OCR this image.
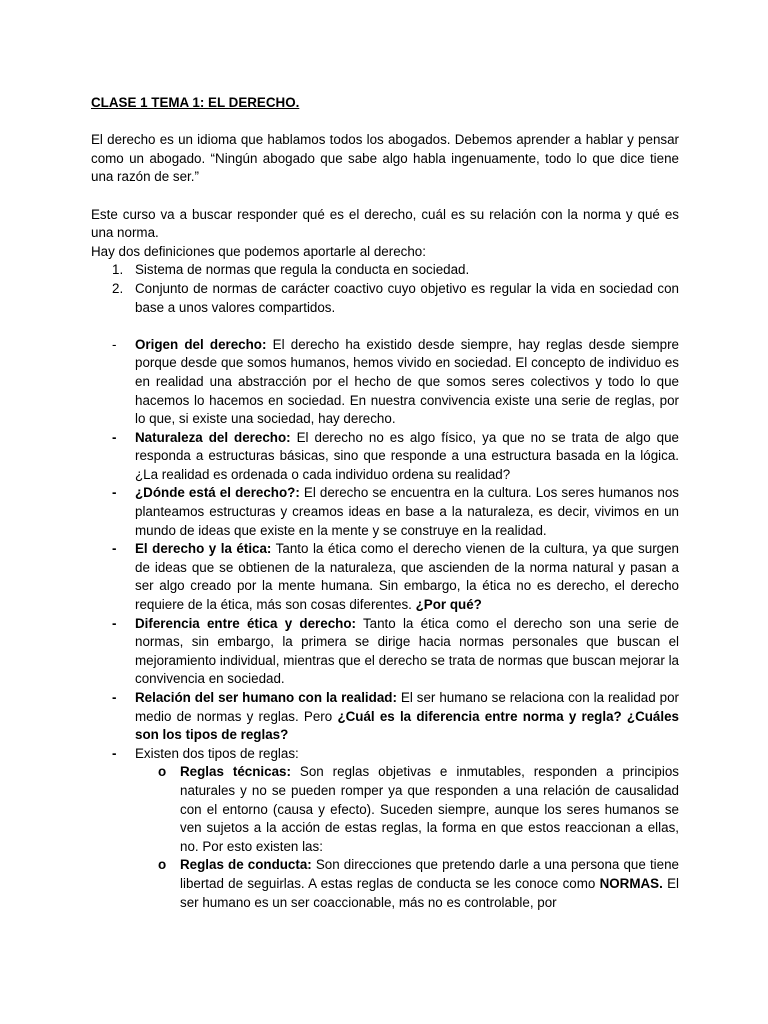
CLASE 1 TEMA 1: EL DERECHO.

El derecho es un idioma que hablamos todos los abogados. Debemos aprender a hablar y pensar como un abogado. “Ningún abogado que sabe algo habla ingenuamente, todo lo que dice tiene una razón de ser.”

Este curso va a buscar responder qué es el derecho, cuál es su relación con la norma y qué es una norma.

Hay dos definiciones que podemos aportarle al derecho:

1. Sistema de normas que regula la conducta en sociedad.
2. Conjunto de normas de carácter coactivo cuyo objetivo es regular la vida en sociedad con base a unos valores compartidos.
- Origen del derecho: El derecho ha existido desde siempre, hay reglas desde siempre porque desde que somos humanos, hemos vivido en sociedad. El concepto de individuo es en realidad una abstracción por el hecho de que somos seres colectivos y todo lo que hacemos lo hacemos en sociedad. En nuestra convivencia existe una serie de reglas, por lo que, si existe una sociedad, hay derecho.
- Naturaleza del derecho: El derecho no es algo físico, ya que no se trata de algo que responda a estructuras básicas, sino que responde a una estructura basada en la lógica. ¿La realidad es ordenada o cada individuo ordena su realidad?
- ¿Dónde está el derecho?: El derecho se encuentra en la cultura. Los seres humanos nos planteamos estructuras y creamos ideas en base a la naturaleza, es decir, vivimos en un mundo de ideas que existe en la mente y se construye en la realidad.
- El derecho y la ética: Tanto la ética como el derecho vienen de la cultura, ya que surgen de ideas que se obtienen de la naturaleza, que ascienden de la norma natural y pasan a ser algo creado por la mente humana. Sin embargo, la ética no es derecho, el derecho requiere de la ética, más son cosas diferentes. ¿Por qué?
- Diferencia entre ética y derecho: Tanto la ética como el derecho son una serie de normas, sin embargo, la primera se dirige hacia normas personales que buscan el mejoramiento individual, mientras que el derecho se trata de normas que buscan mejorar la convivencia en sociedad.
- Relación del ser humano con la realidad: El ser humano se relaciona con la realidad por medio de normas y reglas. Pero ¿Cuál es la diferencia entre norma y regla? ¿Cuáles son los tipos de reglas?
- Existen dos tipos de reglas:
o Reglas técnicas: Son reglas objetivas e inmutables, responden a principios naturales y no se pueden romper ya que responden a una relación de causalidad con el entorno (causa y efecto). Suceden siempre, aunque los seres humanos se ven sujetos a la acción de estas reglas, la forma en que estos reaccionan a ellas, no. Por esto existen las:
o Reglas de conducta: Son direcciones que pretendo darle a una persona que tiene libertad de seguirlas. A estas reglas de conducta se les conoce como NORMAS. El ser humano es un ser coaccionable, más no es controlable, por
